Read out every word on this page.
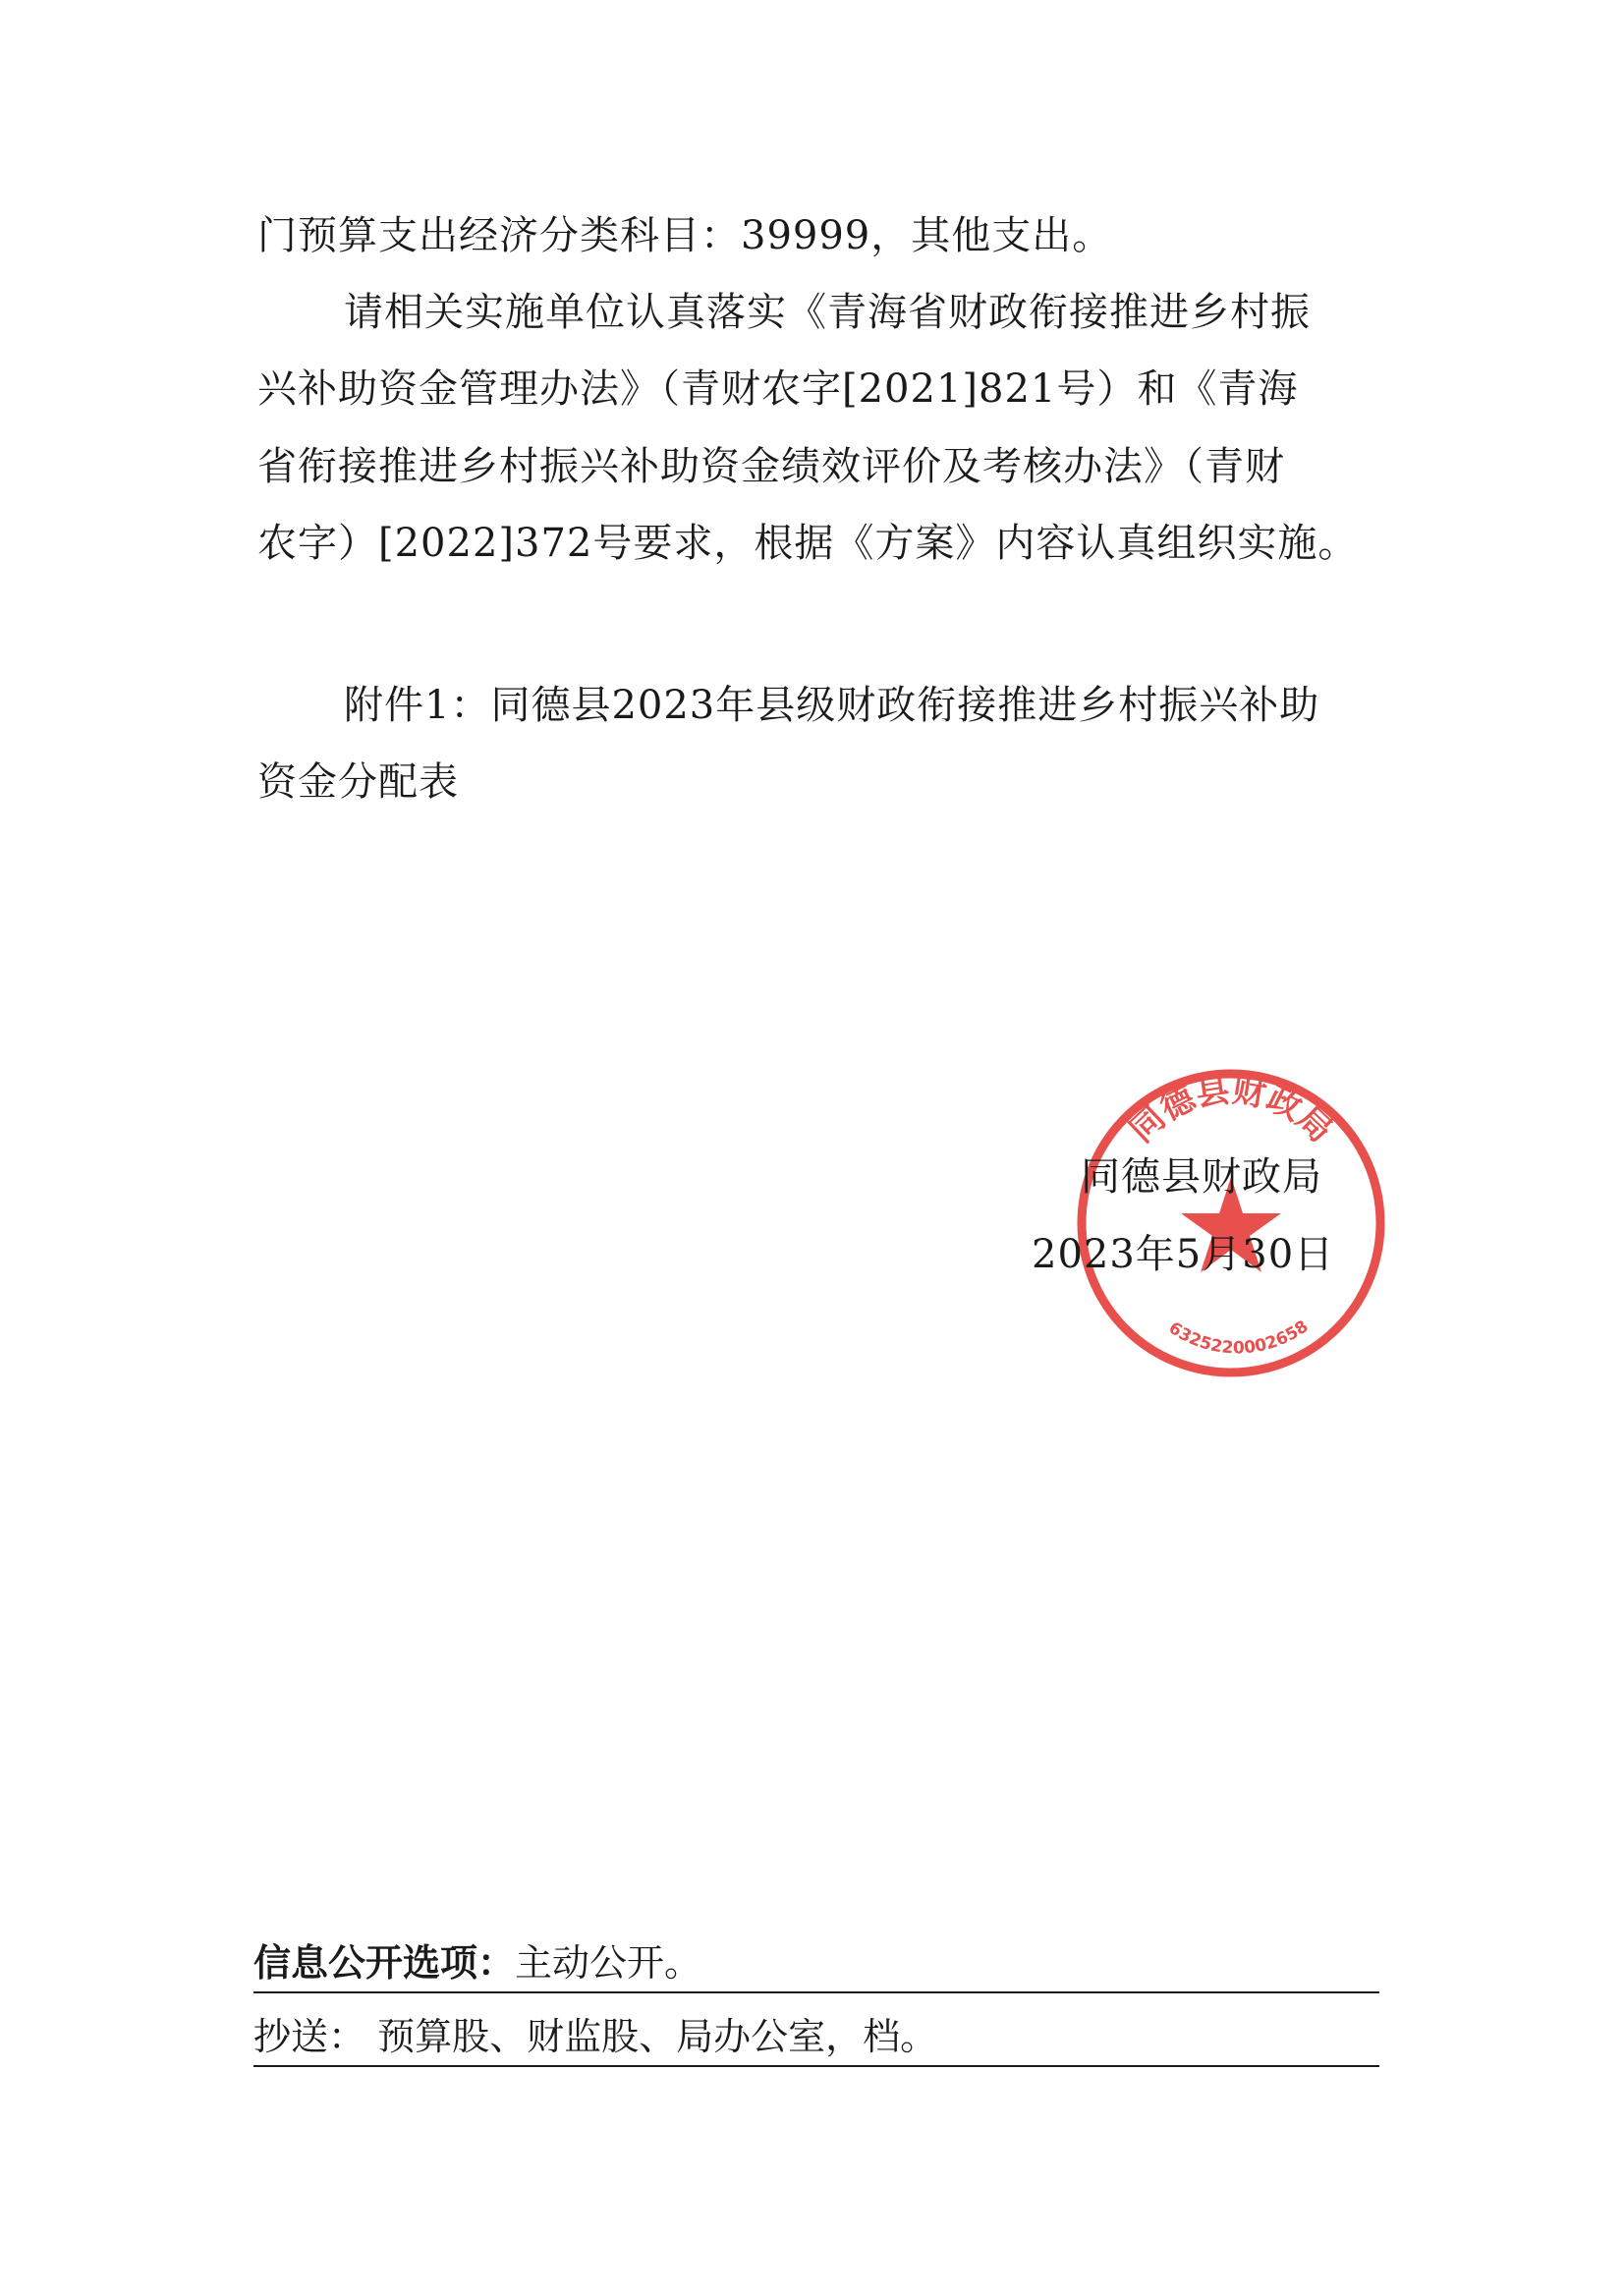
门预算支出经济分类科目：39999，其他支出。
请相关实施单位认真落实《青海省财政衔接推进乡村振
兴补助资金管理办法》（青财农字[2021]821号）和《青海
省衔接推进乡村振兴补助资金绩效评价及考核办法》（青财
农字）[2022]372号要求，根据《方案》内容认真组织实施。
附件1：同德县2023年县级财政衔接推进乡村振兴补助
资金分配表
同德县财政局
6325220002658
同德县财政局
2023年5月30日
信息公开选项：主动公开。
抄送： 预算股、财监股、局办公室，档。
